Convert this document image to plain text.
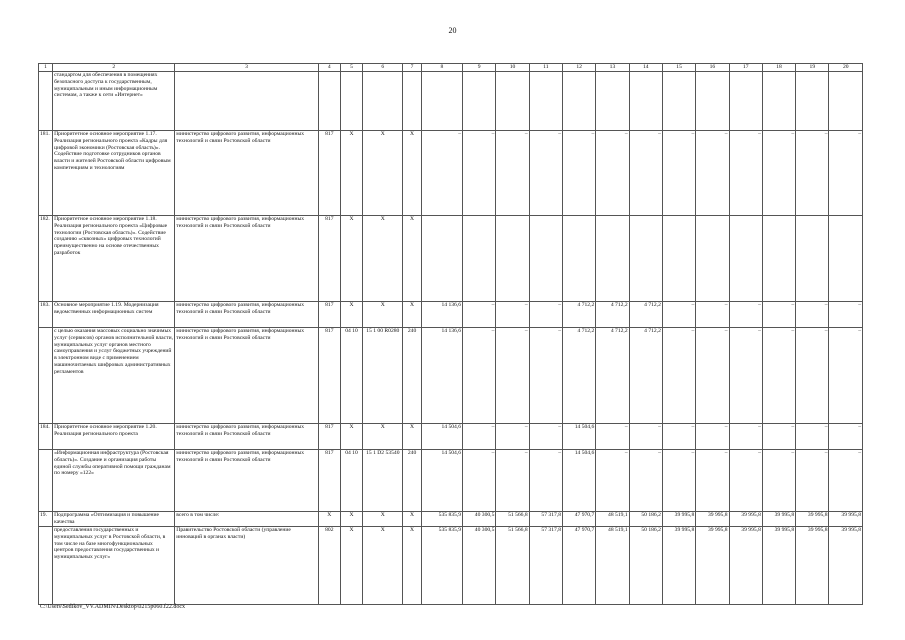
20
1	2	3	4	5	6	7	8	9	10	11	12	13	14	15	16	17	18	19	20
	стандартом для обеспечения в помещениях безопасного доступа к государственным, муниципальным и иным информационным системам, а также к сети «Интернет»																		
181.	Приоритетное основное мероприятие 1.17. Реализация регионального проекта «Кадры для цифровой экономики (Ростовская область)». Содействие подготовке сотрудников органов власти и жителей Ростовской области цифровым компетенциям и технологиям	министерство цифрового развития, информационных технологий и связи Ростовской области	817	Х	Х	Х	–	–	–	–	–	–	–	–	–	–	–	–	–
182.	Приоритетное основное мероприятие 1.18. Реализация регионального проекта «Цифровые технологии (Ростовская область)». Содействие созданию «сквозных» цифровых технологий преимущественно на основе отечественных разработок	министерство цифрового развития, информационных технологий и связи Ростовской области	817	Х	Х	Х													
183.	Основное мероприятие 1.19. Модернизация ведомственных информационных систем	министерство цифрового развития, информационных технологий и связи Ростовской области	817	Х	Х	Х	14 136,6	–	–	–	4 712,2	4 712,2	4 712,2	–	–	–	–	–	–
	с целью оказания массовых социально значимых услуг (сервисов) органов исполнительной власти, муниципальных услуг органов местного самоуправления и услуг бюджетных учреждений в электронном виде с применением машиночитаемых шифровых административных регламентов	министерство цифрового развития, информационных технологий и связи Ростовской области	817	04 10	15 1 00 R0280	240	14 136,6	–	–	–	4 712,2	4 712,2	4 712,2	–	–	–	–	–	–
184.	Приоритетное основное мероприятие 1.20. Реализация регионального проекта	министерство цифрового развития, информационных технологий и связи Ростовской области	817	Х	Х	Х	14 504,6	–	–	–	14 504,6	–	–	–	–	–	–	–	–
	«Информационная инфраструктура (Ростовская область)». Создание и организация работы единой службы оперативной помощи гражданам по номеру «122»	министерство цифрового развития, информационных технологий и связи Ростовской области	817	04 10	15 1 D2 53540	240	14 504,6	–	–	–	14 504,6	–	–	–	–	–	–	–	–
19.	Подпрограмма «Оптимизация и повышение качества	всего в том числе:	Х	Х	Х	Х	535 835,9	40 300,5	51 566,8	57 317,8	47 970,7	48 519,1	50 186,2	39 995,8	39 995,8	39 995,8	39 995,8	39 995,8	39 995,8
	предоставления государственных и муниципальных услуг в Ростовской области, в том числе на базе многофункциональных центров предоставления государственных и муниципальных услуг»	Правительство Ростовской области (управление инноваций в органах власти)	802	Х	Х	Х	535 835,9	40 300,5	51 566,8	57 317,8	47 970,7	48 519,1	50 186,2	39 995,8	39 995,8	39 995,8	39 995,8	39 995,8	39 995,8
C:\Users\Sedikov_VV.ADMIN\Desktop\0215p060.f22.docx
